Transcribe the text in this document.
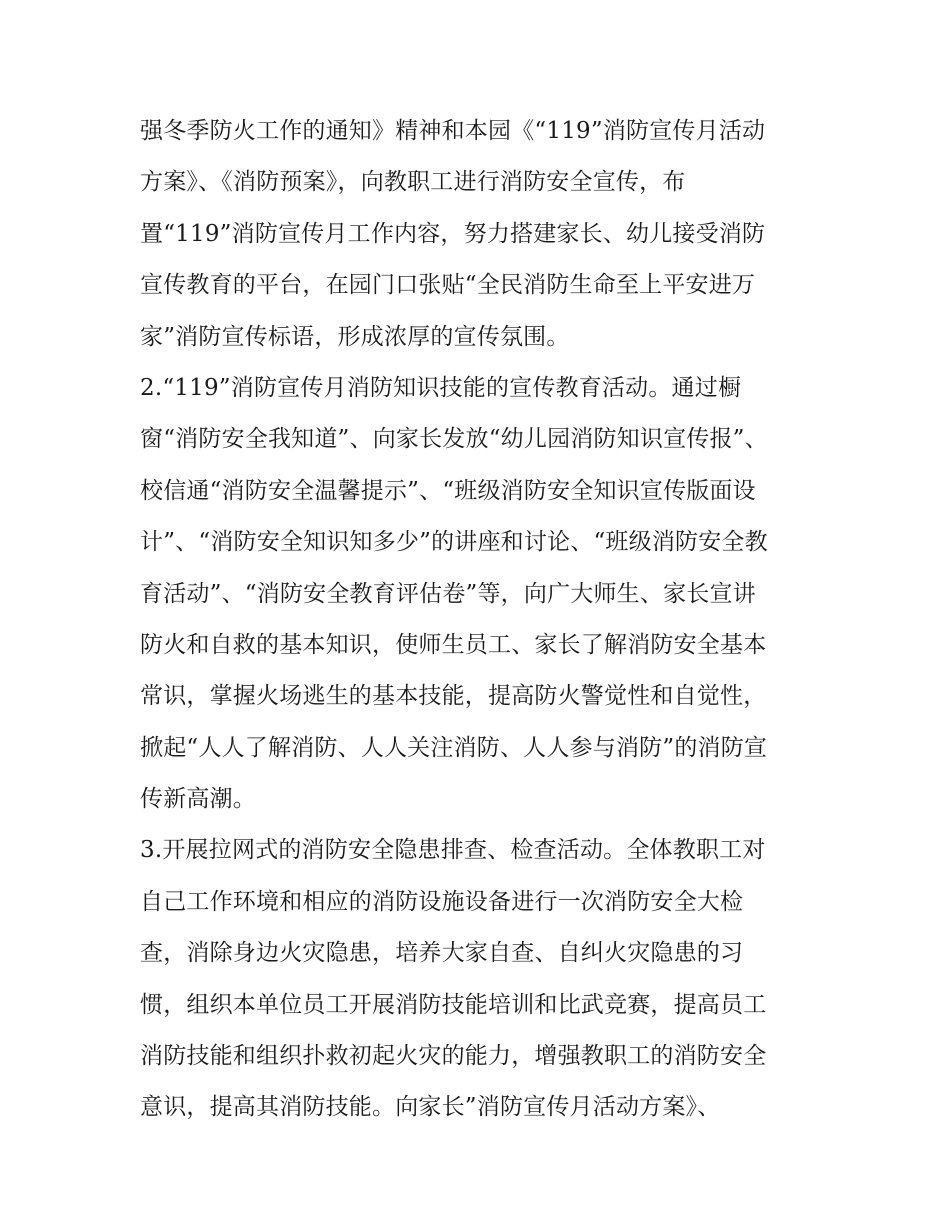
强冬季防火工作的通知》精神和本园《“119”消防宣传月活动
方案》、《消防预案》，向教职工进行消防安全宣传，布
置“119”消防宣传月工作内容，努力搭建家长、幼儿接受消防
宣传教育的平台，在园门口张贴“全民消防生命至上平安进万
家”消防宣传标语，形成浓厚的宣传氛围。
2.“119”消防宣传月消防知识技能的宣传教育活动。通过橱
窗“消防安全我知道”、向家长发放“幼儿园消防知识宣传报”、
校信通“消防安全温馨提示”、“班级消防安全知识宣传版面设
计”、“消防安全知识知多少”的讲座和讨论、“班级消防安全教
育活动”、“消防安全教育评估卷”等，向广大师生、家长宣讲
防火和自救的基本知识，使师生员工、家长了解消防安全基本
常识，掌握火场逃生的基本技能，提高防火警觉性和自觉性，
掀起“人人了解消防、人人关注消防、人人参与消防”的消防宣
传新高潮。
3.开展拉网式的消防安全隐患排查、检查活动。全体教职工对
自己工作环境和相应的消防设施设备进行一次消防安全大检
查，消除身边火灾隐患，培养大家自查、自纠火灾隐患的习
惯，组织本单位员工开展消防技能培训和比武竞赛，提高员工
消防技能和组织扑救初起火灾的能力，增强教职工的消防安全
意识，提高其消防技能。向家长”消防宣传月活动方案》、
